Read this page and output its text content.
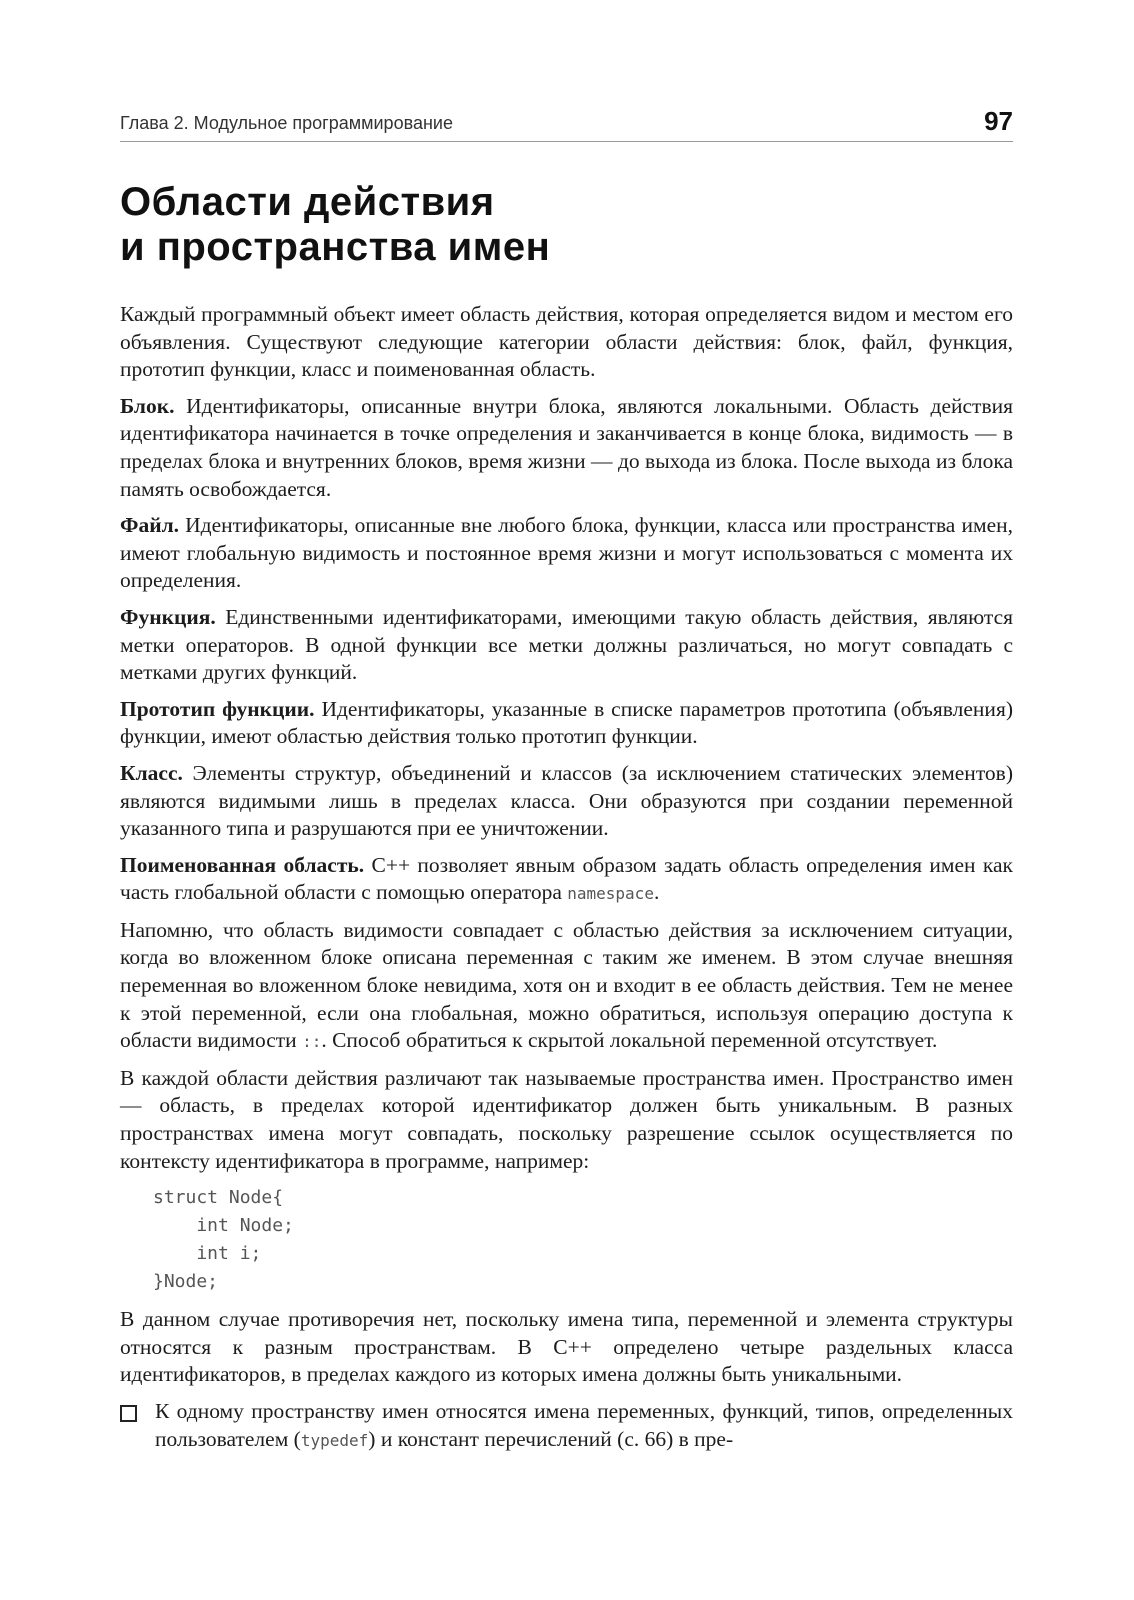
Глава 2. Модульное программирование	97
Области действия
и пространства имен

Каждый программный объект имеет область действия, которая определяется видом и местом его объявления. Существуют следующие категории области действия: блок, файл, функция, прототип функции, класс и поименованная область.

Блок. Идентификаторы, описанные внутри блока, являются локальными. Область действия идентификатора начинается в точке определения и заканчивается в конце блока, видимость — в пределах блока и внутренних блоков, время жизни — до выхода из блока. После выхода из блока память освобождается.

Файл. Идентификаторы, описанные вне любого блока, функции, класса или пространства имен, имеют глобальную видимость и постоянное время жизни и могут использоваться с момента их определения.

Функция. Единственными идентификаторами, имеющими такую область действия, являются метки операторов. В одной функции все метки должны различаться, но могут совпадать с метками других функций.

Прототип функции. Идентификаторы, указанные в списке параметров прототипа (объявления) функции, имеют областью действия только прототип функции.

Класс. Элементы структур, объединений и классов (за исключением статических элементов) являются видимыми лишь в пределах класса. Они образуются при создании переменной указанного типа и разрушаются при ее уничтожении.

Поименованная область. C++ позволяет явным образом задать область определения имен как часть глобальной области с помощью оператора namespace.

Напомню, что область видимости совпадает с областью действия за исключением ситуации, когда во вложенном блоке описана переменная с таким же именем. В этом случае внешняя переменная во вложенном блоке невидима, хотя он и входит в ее область действия. Тем не менее к этой переменной, если она глобальная, можно обратиться, используя операцию доступа к области видимости ::. Способ обратиться к скрытой локальной переменной отсутствует.

В каждой области действия различают так называемые пространства имен. Пространство имен — область, в пределах которой идентификатор должен быть уникальным. В разных пространствах имена могут совпадать, поскольку разрешение ссылок осуществляется по контексту идентификатора в программе, например:

struct Node{
int Node;
int i;
}Node;

В данном случае противоречия нет, поскольку имена типа, переменной и элемента структуры относятся к разным пространствам. В C++ определено четыре раздельных класса идентификаторов, в пределах каждого из которых имена должны быть уникальными.

К одному пространству имен относятся имена переменных, функций, типов, определенных пользователем (typedef) и констант перечислений (с. 66) в пре-
